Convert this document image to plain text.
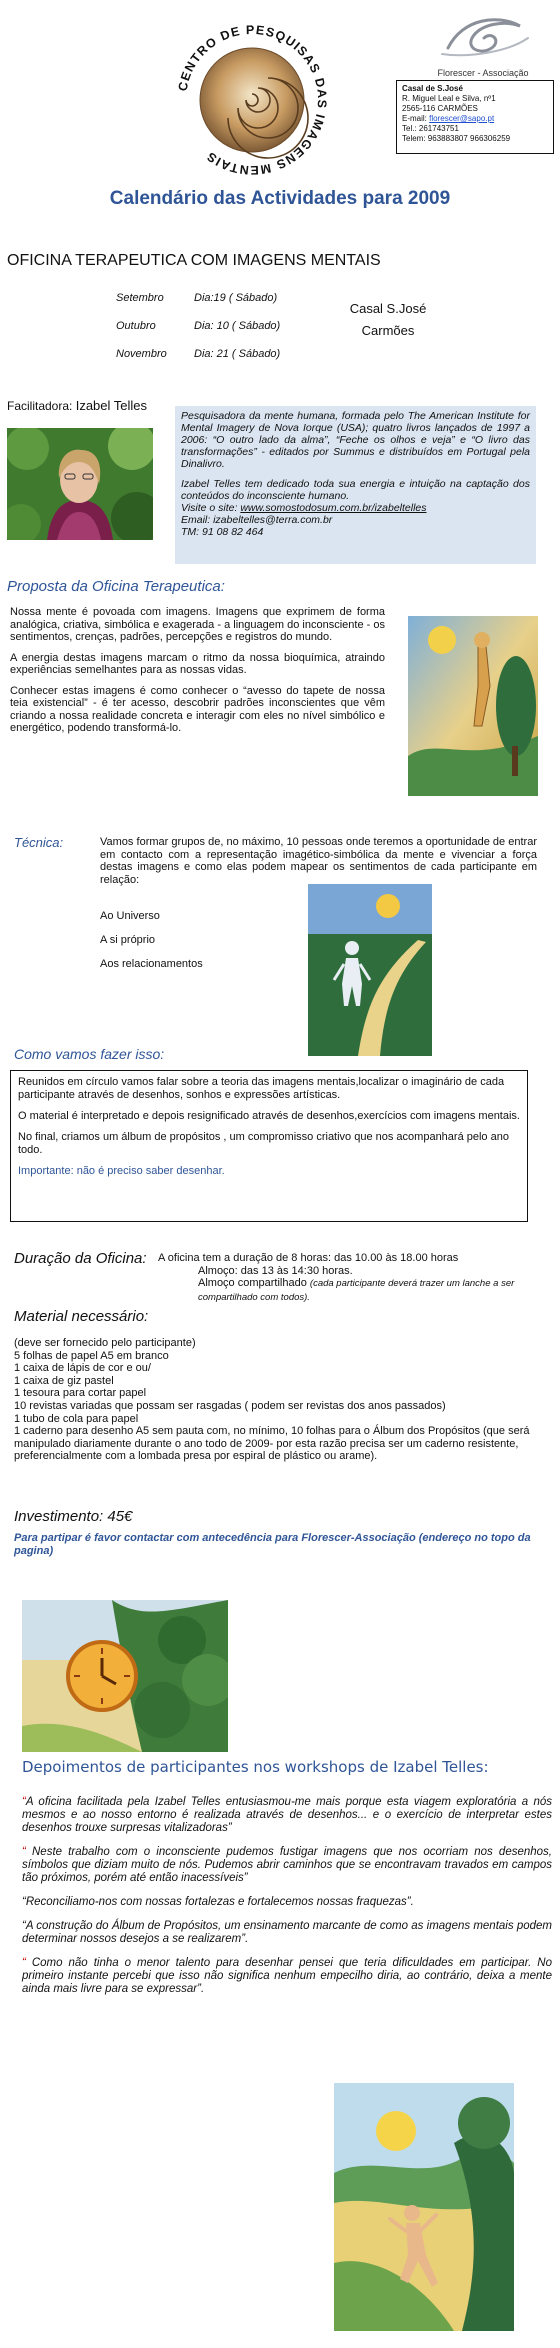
CENTRO DE PESQUISAS DAS IMAGENS MENTAIS
Florescer - Associação
Casal de S.José
R. Miguel Leal e Silva, nº1
2565-116 CARMÕES
E-mail: florescer@sapo.pt
Tel.: 261743751
Telem: 963883807 966306259
Calendário das Actividades para 2009
OFICINA TERAPEUTICA COM IMAGENS MENTAIS
Setembro	Dia:19 ( Sábado)
Outubro	Dia: 10 ( Sábado)
Novembro Dia: 21 ( Sábado)
Casal S.José
Carmões
Facilitadora: Izabel Telles

Pesquisadora da mente humana, formada pelo The American Institute for Mental Imagery de Nova Iorque (USA); quatro livros lançados de 1997 a 2006: “O outro lado da alma”, “Feche os olhos e veja” e “O livro das transformações” - editados por Summus e distribuídos em Portugal pela Dinalivro.

Izabel Telles tem dedicado toda sua energia e intuição na captação dos conteúdos do inconsciente humano.

Visite o site: www.somostodosum.com.br/izabeltelles
Email: izabeltelles@terra.com.br
TM: 91 08 82 464
Proposta da Oficina Terapeutica:

Nossa mente é povoada com imagens. Imagens que exprimem de forma analógica, criativa, simbólica e exagerada - a linguagem do inconsciente - os sentimentos, crenças, padrões, percepções e registros do mundo.

A energia destas imagens marcam o ritmo da nossa bioquímica, atraindo experiências semelhantes para as nossas vidas.

Conhecer estas imagens é como conhecer o “avesso do tapete de nossa teia existencial” - é ter acesso, descobrir padrões inconscientes que vêm criando a nossa realidade concreta e interagir com eles no nível simbólico e energético, podendo transformá-lo.

Técnica:	Vamos formar grupos de, no máximo, 10 pessoas onde teremos a oportunidade de entrar em contacto com a representação imagético-simbólica da mente e vivenciar a força destas imagens e como elas podem mapear os sentimentos de cada participante em relação:
Ao Universo
A si próprio
Aos relacionamentos
Como vamos fazer isso:

Reunidos em círculo vamos falar sobre a teoria das imagens mentais,localizar o imaginário de cada participante através de desenhos, sonhos e expressões artísticas.

O material é interpretado e depois resignificado através de desenhos,exercícios com imagens mentais.

No final, criamos um álbum de propósitos , um compromisso criativo que nos acompanhará pelo ano todo.

Importante: não é preciso saber desenhar.

Duração da Oficina: A oficina tem a duração de 8 horas: das 10.00 às 18.00 horas
Almoço: das 13 às 14:30 horas.
Almoço compartilhado (cada participante deverá trazer um lanche a ser compartilhado com todos).
Material necessário:
(deve ser fornecido pelo participante)
5 folhas de papel A5 em branco
1 caixa de lápis de cor e ou/
1 caixa de giz pastel
1 tesoura para cortar papel
10 revistas variadas que possam ser rasgadas ( podem ser revistas dos anos passados)
1 tubo de cola para papel
1 caderno para desenho A5 sem pauta com, no mínimo, 10 folhas para o Álbum dos Propósitos (que será manipulado diariamente durante o ano todo de 2009- por esta razão precisa ser um caderno resistente, preferencialmente com a lombada presa por espiral de plástico ou arame).
Investimento: 45€
Para partipar é favor contactar com antecedência para Florescer-Associação (endereço no topo da pagina)
Depoimentos de participantes nos workshops de Izabel Telles:

“A oficina facilitada pela Izabel Telles entusiasmou-me mais porque esta viagem exploratória a nós mesmos e ao nosso entorno é realizada através de desenhos... e o exercício de interpretar estes desenhos trouxe surpresas vitalizadoras”

“ Neste trabalho com o inconsciente pudemos fustigar imagens que nos ocorriam nos desenhos, símbolos que diziam muito de nós. Pudemos abrir caminhos que se encontravam travados em campos tão próximos, porém até então inacessíveis”

“Reconciliamo-nos com nossas fortalezas e fortalecemos nossas fraquezas”.

“A construção do Álbum de Propósitos, um ensinamento marcante de como as imagens mentais podem determinar nossos desejos a se realizarem”.

“ Como não tinha o menor talento para desenhar pensei que teria dificuldades em participar. No primeiro instante percebi que isso não significa nenhum empecilho diria, ao contrário, deixa a mente ainda mais livre para se expressar”.
